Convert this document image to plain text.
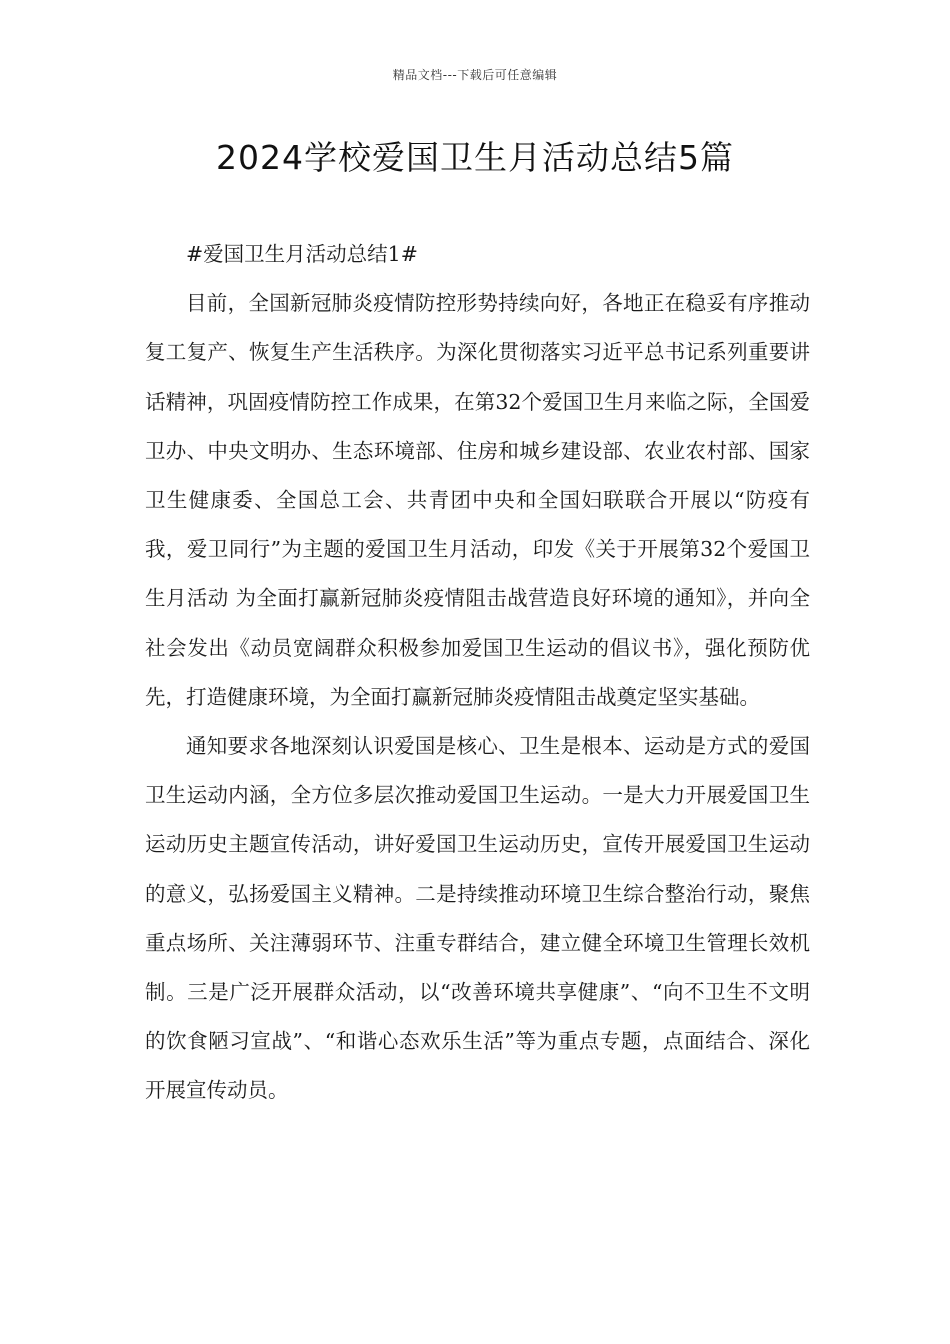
精品文档---下载后可任意编辑
2024学校爱国卫生月活动总结5篇

#爱国卫生月活动总结1#

目前，全国新冠肺炎疫情防控形势持续向好，各地正在稳妥有序推动复工复产、恢复生产生活秩序。为深化贯彻落实习近平总书记系列重要讲话精神，巩固疫情防控工作成果，在第32个爱国卫生月来临之际，全国爱卫办、中央文明办、生态环境部、住房和城乡建设部、农业农村部、国家卫生健康委、全国总工会、共青团中央和全国妇联联合开展以“防疫有我，爱卫同行”为主题的爱国卫生月活动，印发《关于开展第32个爱国卫生月活动 为全面打赢新冠肺炎疫情阻击战营造良好环境的通知》，并向全社会发出《动员宽阔群众积极参加爱国卫生运动的倡议书》，强化预防优先，打造健康环境，为全面打赢新冠肺炎疫情阻击战奠定坚实基础。

通知要求各地深刻认识爱国是核心、卫生是根本、运动是方式的爱国卫生运动内涵，全方位多层次推动爱国卫生运动。一是大力开展爱国卫生运动历史主题宣传活动，讲好爱国卫生运动历史，宣传开展爱国卫生运动的意义，弘扬爱国主义精神。二是持续推动环境卫生综合整治行动，聚焦重点场所、关注薄弱环节、注重专群结合，建立健全环境卫生管理长效机制。三是广泛开展群众活动，以“改善环境共享健康”、“向不卫生不文明的饮食陋习宣战”、“和谐心态欢乐生活”等为重点专题，点面结合、深化开展宣传动员。
